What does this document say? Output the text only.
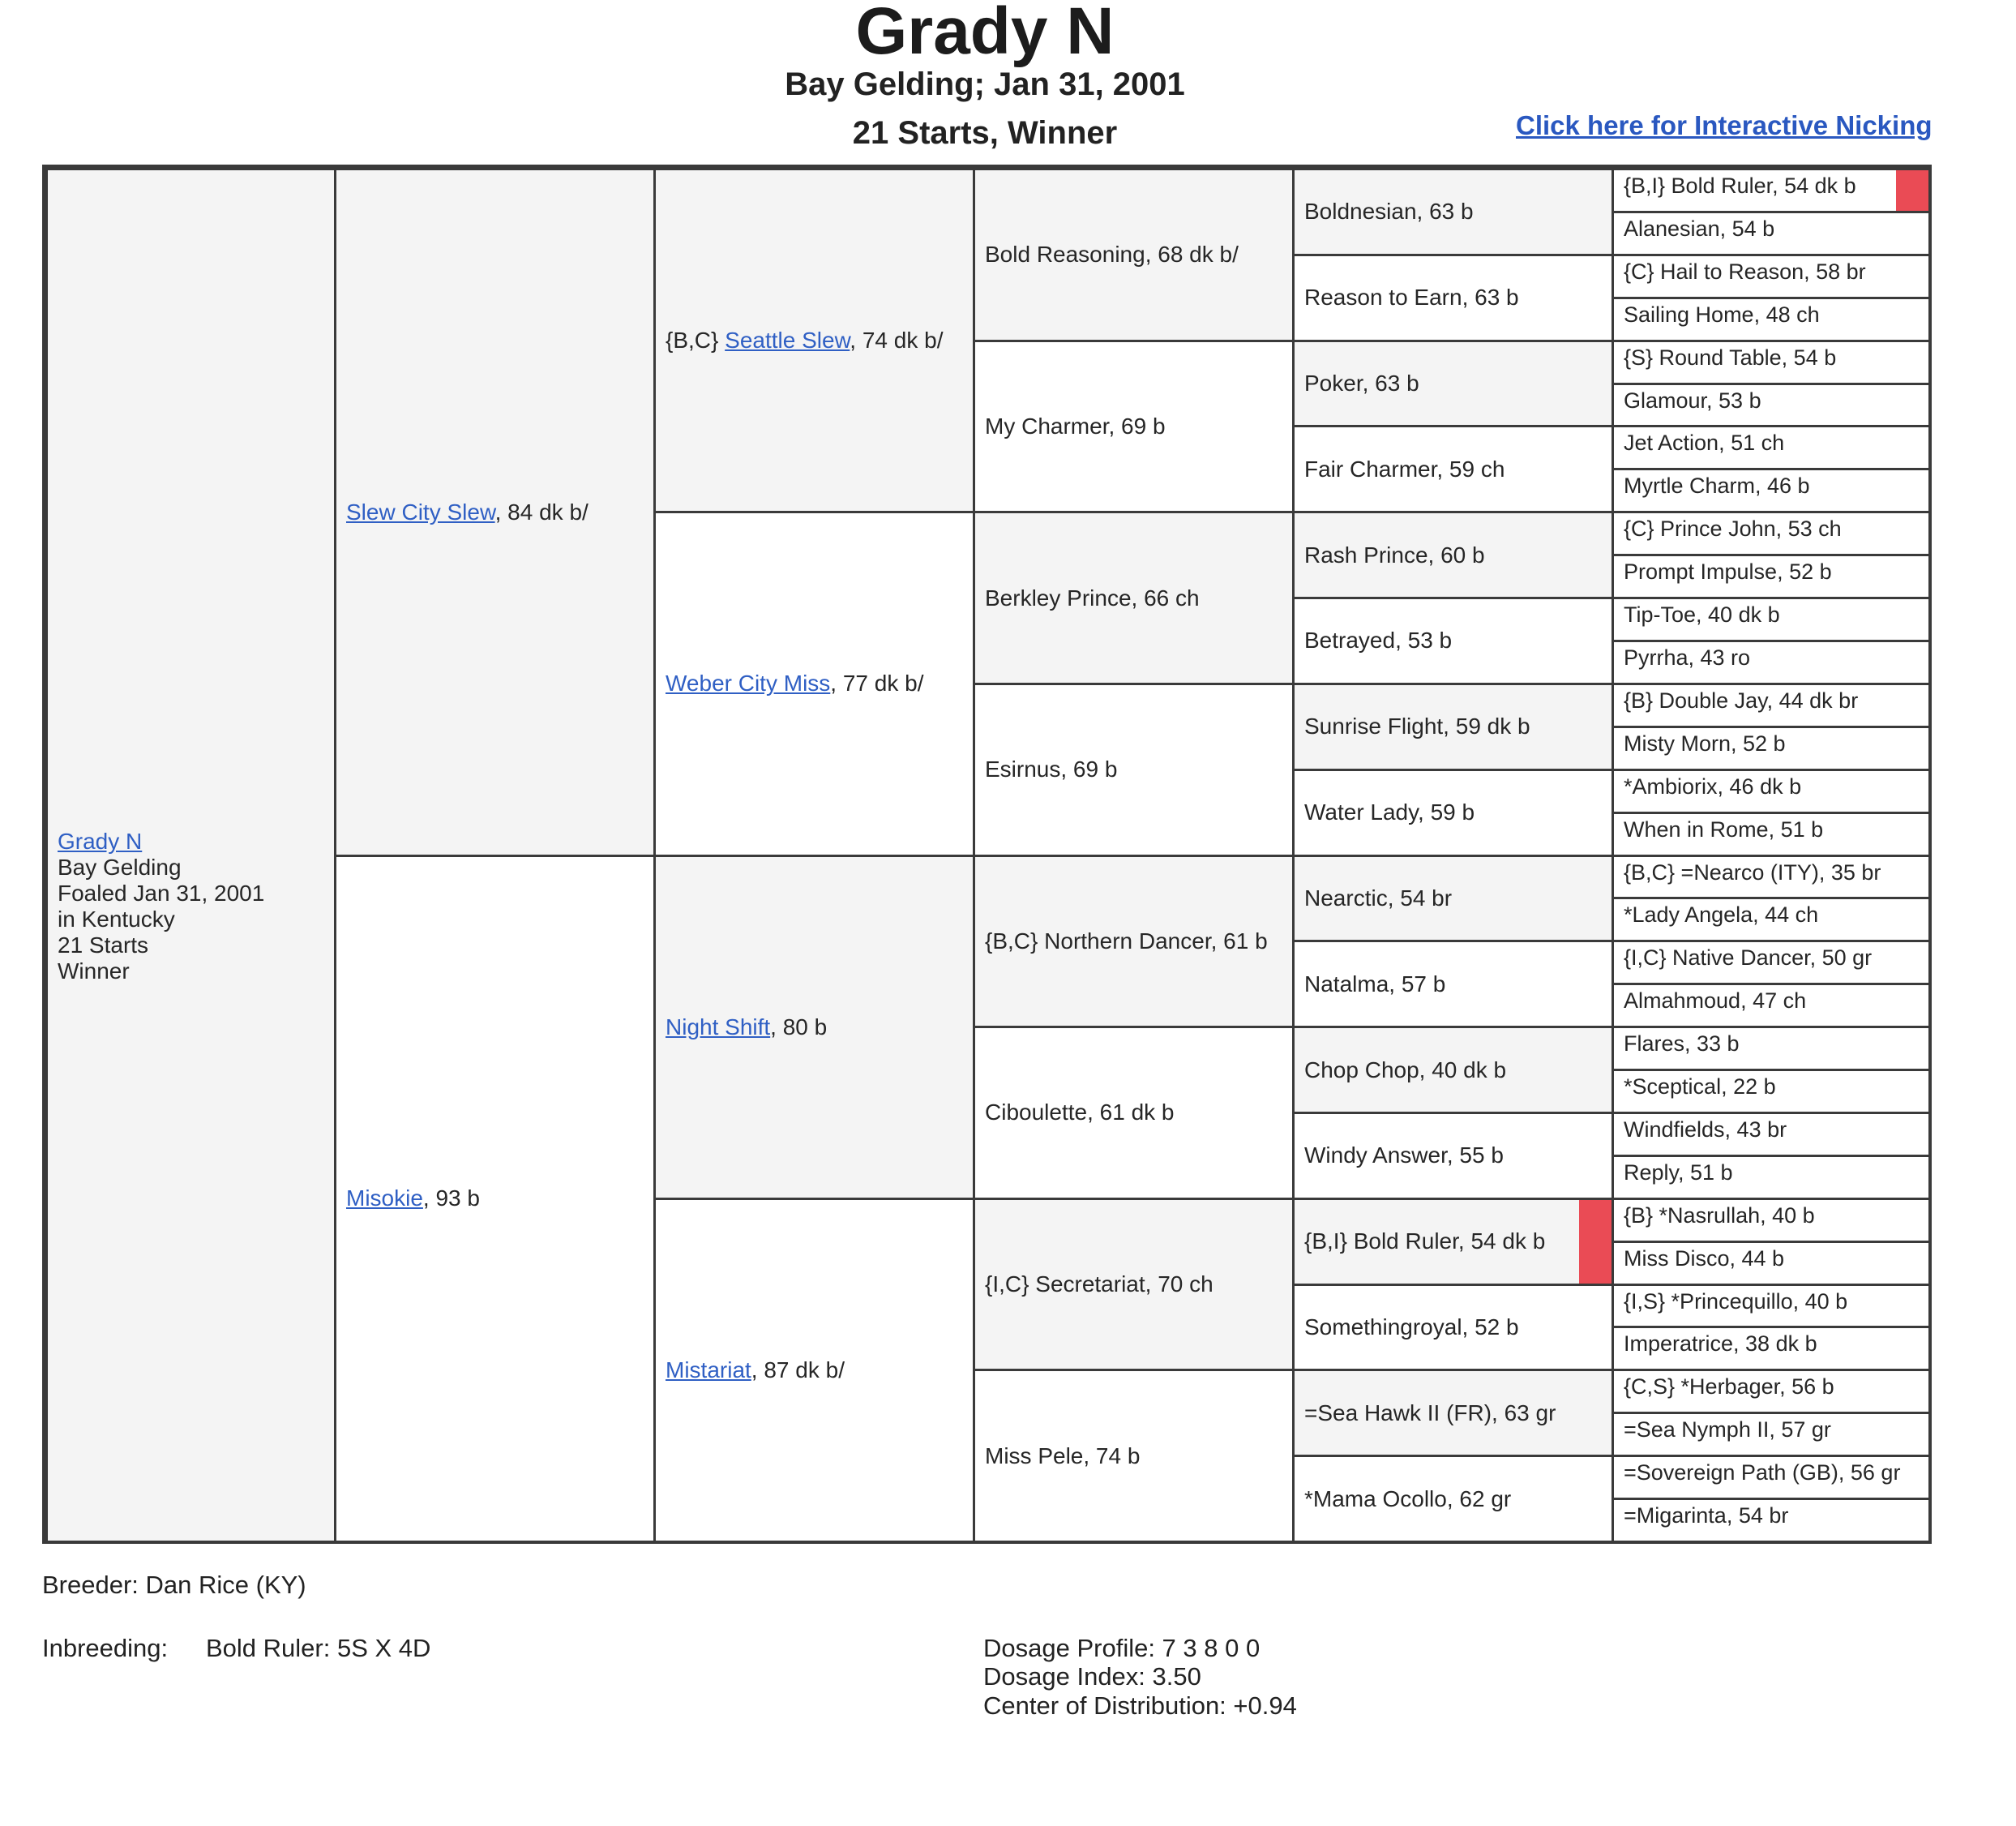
Grady N
Bay Gelding; Jan 31, 2001
21 Starts, Winner	Click here for Interactive Nicking
Grady N
Bay Gelding
Foaled Jan 31, 2001
in Kentucky
21 Starts
Winner
Slew City Slew, 84 dk b/
Misokie, 93 b
{B,C} Seattle Slew, 74 dk b/
Weber City Miss, 77 dk b/
Night Shift, 80 b
Mistariat, 87 dk b/
Bold Reasoning, 68 dk b/
My Charmer, 69 b
Berkley Prince, 66 ch
Esirnus, 69 b
{B,C} Northern Dancer, 61 b
Ciboulette, 61 dk b
{I,C} Secretariat, 70 ch
Miss Pele, 74 b
Boldnesian, 63 b
Reason to Earn, 63 b
Poker, 63 b
Fair Charmer, 59 ch
Rash Prince, 60 b
Betrayed, 53 b
Sunrise Flight, 59 dk b
Water Lady, 59 b
Nearctic, 54 br
Natalma, 57 b
Chop Chop, 40 dk b
Windy Answer, 55 b
{B,I} Bold Ruler, 54 dk b
Somethingroyal, 52 b
=Sea Hawk II (FR), 63 gr
*Mama Ocollo, 62 gr
{B,I} Bold Ruler, 54 dk b
Alanesian, 54 b
{C} Hail to Reason, 58 br
Sailing Home, 48 ch
{S} Round Table, 54 b
Glamour, 53 b
Jet Action, 51 ch
Myrtle Charm, 46 b
{C} Prince John, 53 ch
Prompt Impulse, 52 b
Tip-Toe, 40 dk b
Pyrrha, 43 ro
{B} Double Jay, 44 dk br
Misty Morn, 52 b
*Ambiorix, 46 dk b
When in Rome, 51 b
{B,C} =Nearco (ITY), 35 br
*Lady Angela, 44 ch
{I,C} Native Dancer, 50 gr
Almahmoud, 47 ch
Flares, 33 b
*Sceptical, 22 b
Windfields, 43 br
Reply, 51 b
{B} *Nasrullah, 40 b
Miss Disco, 44 b
{I,S} *Princequillo, 40 b
Imperatrice, 38 dk b
{C,S} *Herbager, 56 b
=Sea Nymph II, 57 gr
=Sovereign Path (GB), 56 gr
=Migarinta, 54 br
Breeder: Dan Rice (KY)
Inbreeding: Bold Ruler: 5S X 4D	Dosage Profile: 7 3 8 0 0
Dosage Index: 3.50
Center of Distribution: +0.94
